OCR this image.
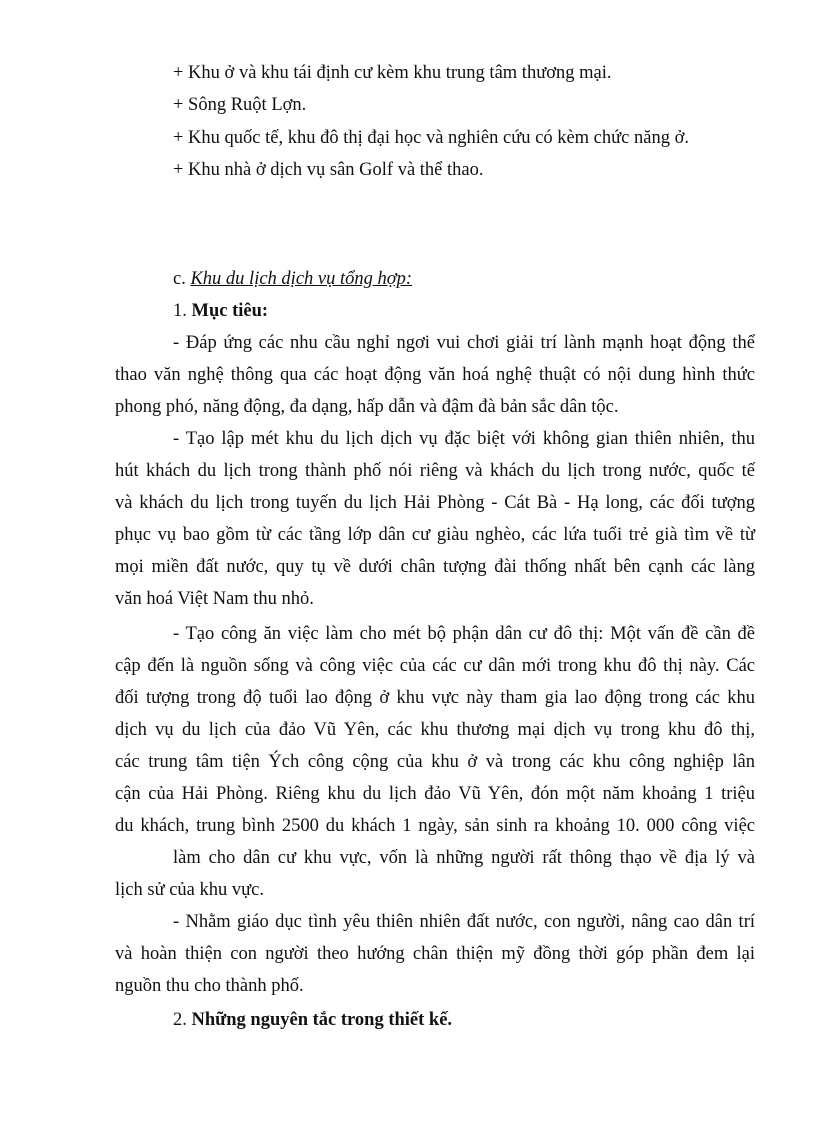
+ Khu ở và khu tái định cư kèm khu trung tâm thương mại.
+ Sông Ruột Lợn.
+ Khu quốc tế, khu đô thị đại học và nghiên cứu có kèm chức năng ở.
+ Khu nhà ở dịch vụ sân Golf và thể thao.
c. Khu du lịch dịch vụ tổng hợp:
1. Mục tiêu:
- Đáp ứng các nhu cầu nghỉ ngơi vui chơi giải trí lành mạnh hoạt động thể
thao văn nghệ thông qua các hoạt động văn hoá nghệ thuật có nội dung hình thức
phong phó, năng động, đa dạng, hấp dẫn và đậm đà bản sắc dân tộc.
- Tạo lập mét khu du lịch dịch vụ đặc biệt với không gian thiên nhiên, thu
hút khách du lịch trong thành phố nói riêng và khách du lịch trong nước, quốc tế
và khách du lịch trong tuyến du lịch Hải Phòng - Cát Bà - Hạ long, các đối tượng
phục vụ bao gồm từ các tầng lớp dân cư giàu nghèo, các lứa tuổi trẻ già tìm về từ
mọi miền đất nước, quy tụ về dưới chân tượng đài thống nhất bên cạnh các làng
văn hoá Việt Nam thu nhỏ.
- Tạo công ăn việc làm cho mét bộ phận dân cư đô thị: Một vấn đề cần đề
cập đến là nguồn sống và công việc của các cư dân mới trong khu đô thị này. Các
đối tượng trong độ tuổi lao động ở khu vực này tham gia lao động trong các khu
dịch vụ du lịch của đảo Vũ Yên, các khu thương mại dịch vụ trong khu đô thị,
các trung tâm tiện Ých công cộng của khu ở và trong các khu công nghiệp lân
cận của Hải Phòng. Riêng khu du lịch đảo Vũ Yên, đón một năm khoảng 1 triệu
du khách, trung bình 2500 du khách 1 ngày, sản sinh ra khoảng 10. 000 công việc
làm cho dân cư khu vực, vốn là những người rất thông thạo về địa lý và
lịch sử của khu vực.
- Nhằm giáo dục tình yêu thiên nhiên đất nước, con người, nâng cao dân trí
và hoàn thiện con người theo hướng chân thiện mỹ đồng thời góp phần đem lại
nguồn thu cho thành phố.
2. Những nguyên tắc trong thiết kế.
